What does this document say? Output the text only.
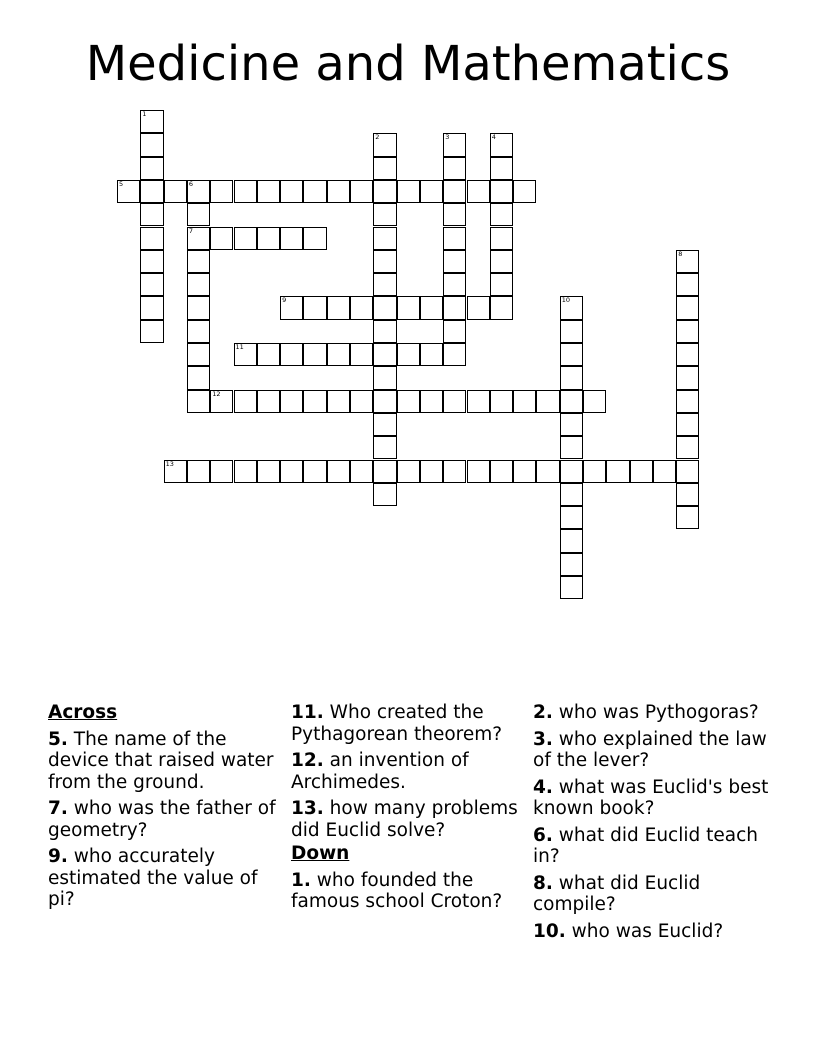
Medicine and Mathematics
1
2	3	4
5	6
7
8
9	10
11
12
13
Across
5. The name of the device that raised water from the ground.
7. who was the father of geometry?
9. who accurately estimated the value of pi?
11. Who created the Pythagorean theorem?
12. an invention of Archimedes.
13. how many problems did Euclid solve?
Down
1. who founded the famous school Croton?
2. who was Pythogoras?
3. who explained the law of the lever?
4. what was Euclid's best known book?
6. what did Euclid teach in?
8. what did Euclid compile?
10. who was Euclid?
